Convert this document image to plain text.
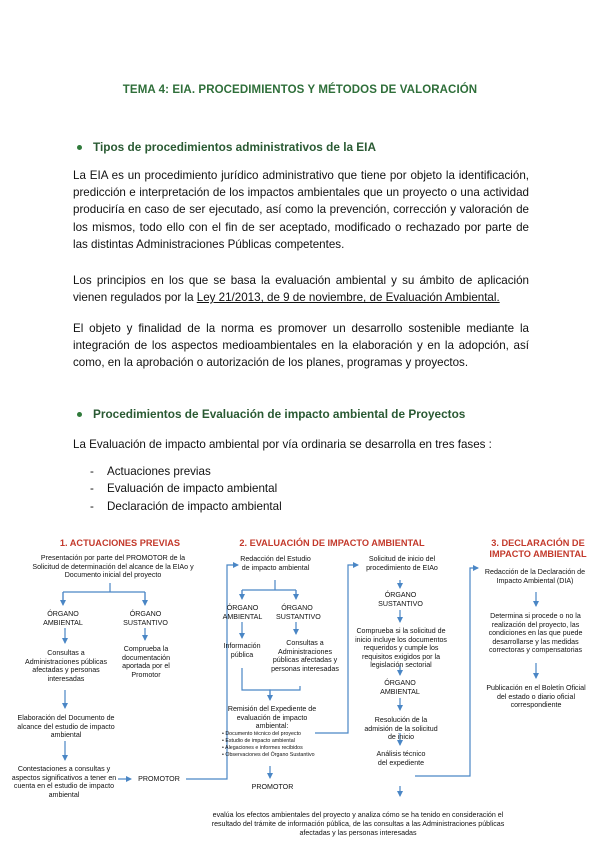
TEMA 4: EIA. PROCEDIMIENTOS Y MÉTODOS DE VALORACIÓN
Tipos de procedimientos administrativos de la EIA
La EIA es un procedimiento jurídico administrativo que tiene por objeto la identificación, predicción e interpretación de los impactos ambientales que un proyecto o una actividad produciría en caso de ser ejecutado, así como la prevención, corrección y valoración de los mismos, todo ello con el fin de ser aceptado, modificado o rechazado por parte de las distintas Administraciones Públicas competentes.
Los principios en los que se basa la evaluación ambiental y su ámbito de aplicación vienen regulados por la Ley 21/2013, de 9 de noviembre, de Evaluación Ambiental.
El objeto y finalidad de la norma es promover un desarrollo sostenible mediante la integración de los aspectos medioambientales en la elaboración y en la adopción, así como, en la aprobación o autorización de los planes, programas y proyectos.
Procedimientos de Evaluación de impacto ambiental de Proyectos
La Evaluación de impacto ambiental por vía ordinaria se desarrolla en tres fases :
- Actuaciones previas
- Evaluación de impacto ambiental
- Declaración de impacto ambiental
1. ACTUACIONES PREVIAS
Presentación por parte del PROMOTOR de la Solicitud de determinación del alcance de la EIAo y Documento inicial del proyecto
ÓRGANO AMBIENTAL
ÓRGANO SUSTANTIVO
Consultas a Administraciones públicas afectadas y personas interesadas
Comprueba la documentación aportada por el Promotor
Elaboración del Documento de alcance del estudio de impacto ambiental
Contestaciones a consultas y aspectos significativos a tener en cuenta en el estudio de impacto ambiental
PROMOTOR
2. EVALUACIÓN DE IMPACTO AMBIENTAL
Redacción del Estudio de impacto ambiental
ÓRGANO AMBIENTAL
ÓRGANO SUSTANTIVO
Información pública
Consultas a Administraciones públicas afectadas y personas interesadas
Remisión del Expediente de evaluación de impacto ambiental:
• Documento técnico del proyecto
• Estudio de impacto ambiental
• Alegaciones e informes recibidos
• Observaciones del Órgano Sustantivo
PROMOTOR
Solicitud de inicio del procedimiento de EIAo
ÓRGANO SUSTANTIVO
Comprueba si la solicitud de inicio incluye los documentos requeridos y cumple los requisitos exigidos por la legislación sectorial
ÓRGANO AMBIENTAL
Resolución de la admisión de la solicitud de inicio
Análisis técnico del expediente
3. DECLARACIÓN DE IMPACTO AMBIENTAL
Redacción de la Declaración de Impacto Ambiental (DIA)
Determina si procede o no la realización del proyecto, las condiciones en las que puede desarrollarse y las medidas correctoras y compensatorias
Publicación en el Boletín Oficial del estado o diario oficial correspondiente
evalúa los efectos ambientales del proyecto y analiza cómo se ha tenido en consideración el resultado del trámite de información pública, de las consultas a las Administraciones públicas afectadas y las personas interesadas
